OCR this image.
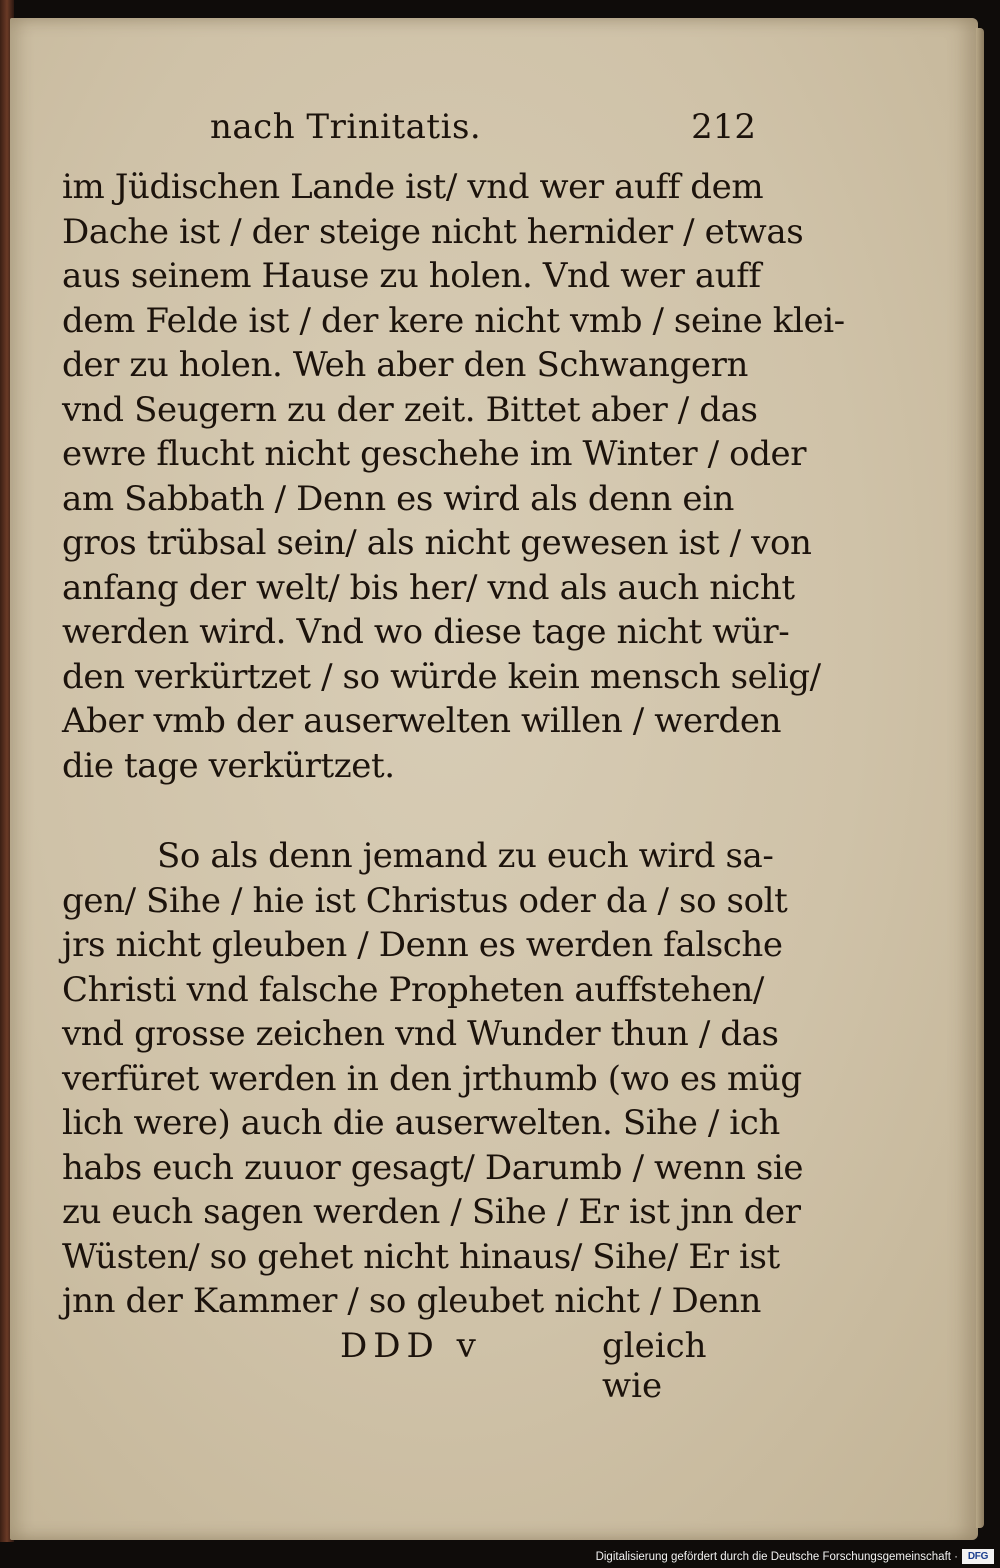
nach Trinitatis.	212
im Jüdischen Lande ist/ vnd wer auff dem
Dache ist / der steige nicht hernider / etwas
aus seinem Hause zu holen. Vnd wer auff
dem Felde ist / der kere nicht vmb / seine klei-
der zu holen. Weh aber den Schwangern
vnd Seugern zu der zeit. Bittet aber / das
ewre flucht nicht geschehe im Winter / oder
am Sabbath / Denn es wird als denn ein
gros trübsal sein/ als nicht gewesen ist / von
anfang der welt/ bis her/ vnd als auch nicht
werden wird. Vnd wo diese tage nicht wür-
den verkürtzet / so würde kein mensch selig/
Aber vmb der auserwelten willen / werden
die tage verkürtzet.
So als denn jemand zu euch wird sa-
gen/ Sihe / hie ist Christus oder da / so solt
jrs nicht gleuben / Denn es werden falsche
Christi vnd falsche Propheten auffstehen/
vnd grosse zeichen vnd Wunder thun / das
verfüret werden in den jrthumb (wo es müg
lich were) auch die auserwelten. Sihe / ich
habs euch zuuor gesagt/ Darumb / wenn sie
zu euch sagen werden / Sihe / Er ist jnn der
Wüsten/ so gehet nicht hinaus/ Sihe/ Er ist
jnn der Kammer / so gleubet nicht / Denn
DDD v	gleich wie
Digitalisierung gefördert durch die Deutsche Forschungsgemeinschaft · DFG
